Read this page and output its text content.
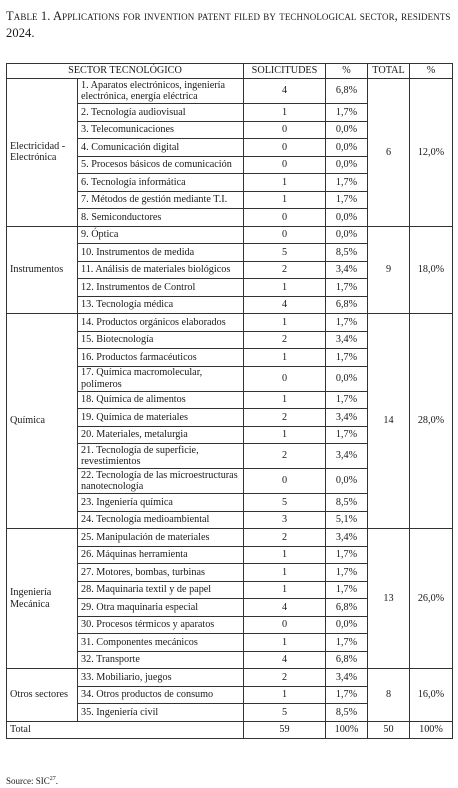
Table 1. Applications for invention patent filed by technological sector, residents 2024.
SECTOR TECNOLÓGICO		SOLICITUDES	%	TOTAL	%
Electricidad - Electrónica	1. Aparatos electrónicos, ingeniería electrónica, energía eléctrica	4	6,8%	6	12,0%
	2. Tecnología audiovisual	1	1,7%		
	3. Telecomunicaciones	0	0,0%		
	4. Comunicación digital	0	0,0%		
	5. Procesos básicos de comunicación	0	0,0%		
	6. Tecnología informática	1	1,7%		
	7. Métodos de gestión mediante T.I.	1	1,7%		
	8. Semiconductores	0	0,0%		
Instrumentos	9. Óptica	0	0,0%	9	18,0%
	10. Instrumentos de medida	5	8,5%		
	11. Análisis de materiales biológicos	2	3,4%		
	12. Instrumentos de Control	1	1,7%		
	13. Tecnología médica	4	6,8%		
Química	14. Productos orgánicos elaborados	1	1,7%	14	28,0%
	15. Biotecnología	2	3,4%		
	16. Productos farmacéuticos	1	1,7%		
	17. Química macromolecular, polímeros	0	0,0%		
	18. Química de alimentos	1	1,7%		
	19. Química de materiales	2	3,4%		
	20. Materiales, metalurgia	1	1,7%		
	21. Tecnología de superficie, revestimientos	2	3,4%		
	22. Tecnología de las microestructuras nanotecnología	0	0,0%		
	23. Ingeniería química	5	8,5%		
	24. Tecnología medioambiental	3	5,1%		
Ingeniería Mecánica	25. Manipulación de materiales	2	3,4%	13	26,0%
	26. Máquinas herramienta	1	1,7%		
	27. Motores, bombas, turbinas	1	1,7%		
	28. Maquinaria textil y de papel	1	1,7%		
	29. Otra maquinaria especial	4	6,8%		
	30. Procesos térmicos y aparatos	0	0,0%		
	31. Componentes mecánicos	1	1,7%		
	32. Transporte	4	6,8%		
Otros sectores	33. Mobiliario, juegos	2	3,4%	8	16,0%
	34. Otros productos de consumo	1	1,7%		
	35. Ingeniería civil	5	8,5%		
Total		59	100%	50	100%
Source: SIC$^{27}$.
